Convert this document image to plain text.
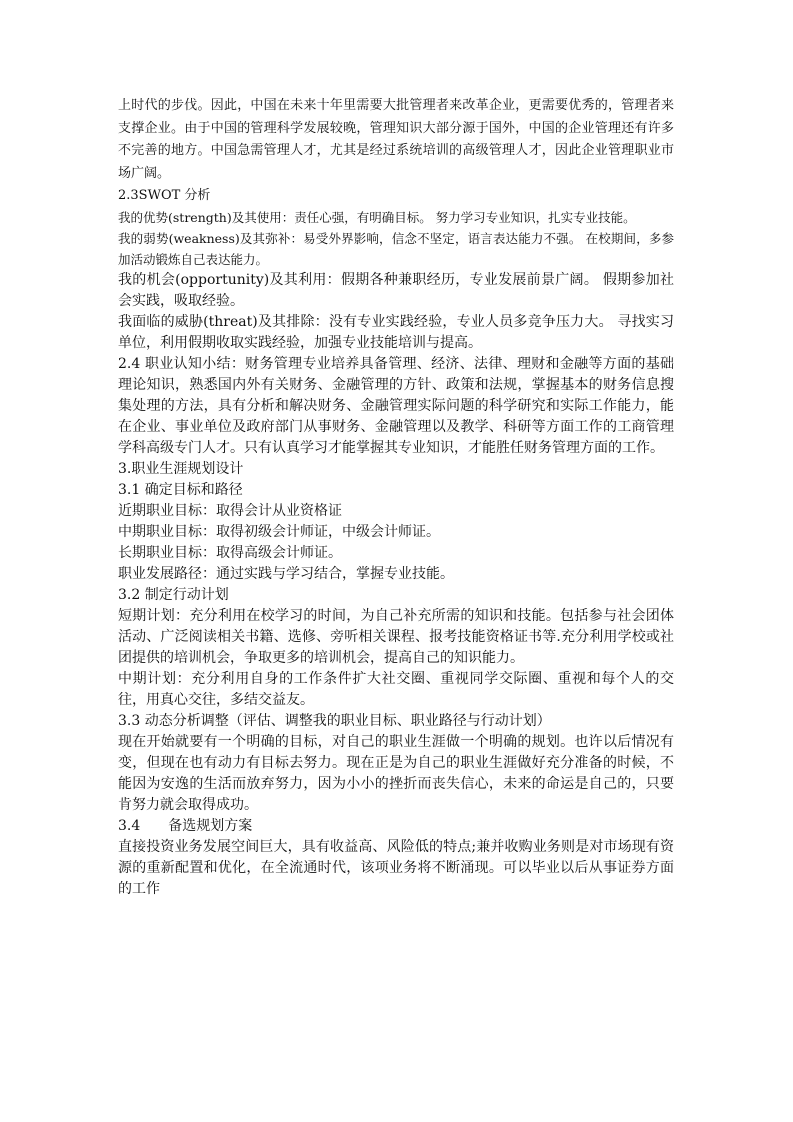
上时代的步伐。因此，中国在未来十年里需要大批管理者来改革企业，更需要优秀的，管理者来支撑企业。由于中国的管理科学发展较晚，管理知识大部分源于国外，中国的企业管理还有许多不完善的地方。中国急需管理人才，尤其是经过系统培训的高级管理人才，因此企业管理职业市场广阔。

2.3SWOT 分析

我的优势(strength)及其使用：责任心强，有明确目标。 努力学习专业知识，扎实专业技能。

我的弱势(weakness)及其弥补：易受外界影响，信念不坚定，语言表达能力不强。 在校期间，多参加活动锻炼自己表达能力。

我的机会(opportunity)及其利用：假期各种兼职经历，专业发展前景广阔。 假期参加社会实践，吸取经验。

我面临的威胁(threat)及其排除：没有专业实践经验，专业人员多竞争压力大。 寻找实习单位，利用假期收取实践经验，加强专业技能培训与提高。

2.4 职业认知小结：财务管理专业培养具备管理、经济、法律、理财和金融等方面的基础理论知识，熟悉国内外有关财务、金融管理的方针、政策和法规，掌握基本的财务信息搜集处理的方法，具有分析和解决财务、金融管理实际问题的科学研究和实际工作能力，能在企业、事业单位及政府部门从事财务、金融管理以及教学、科研等方面工作的工商管理学科高级专门人才。只有认真学习才能掌握其专业知识，才能胜任财务管理方面的工作。

3.职业生涯规划设计

3.1 确定目标和路径

近期职业目标：取得会计从业资格证

中期职业目标：取得初级会计师证，中级会计师证。

长期职业目标：取得高级会计师证。

职业发展路径：通过实践与学习结合，掌握专业技能。

3.2 制定行动计划

短期计划：充分利用在校学习的时间，为自己补充所需的知识和技能。包括参与社会团体活动、广泛阅读相关书籍、选修、旁听相关课程、报考技能资格证书等.充分利用学校或社团提供的培训机会，争取更多的培训机会，提高自己的知识能力。

中期计划：充分利用自身的工作条件扩大社交圈、重视同学交际圈、重视和每个人的交往，用真心交往，多结交益友。

3.3 动态分析调整（评估、调整我的职业目标、职业路径与行动计划）

现在开始就要有一个明确的目标，对自己的职业生涯做一个明确的规划。也许以后情况有变，但现在也有动力有目标去努力。现在正是为自己的职业生涯做好充分准备的时候，不能因为安逸的生活而放弃努力，因为小小的挫折而丧失信心，未来的命运是自己的，只要肯努力就会取得成功。

3.4　　备选规划方案

直接投资业务发展空间巨大，具有收益高、风险低的特点;兼并收购业务则是对市场现有资源的重新配置和优化，在全流通时代，该项业务将不断涌现。可以毕业以后从事证券方面的工作
